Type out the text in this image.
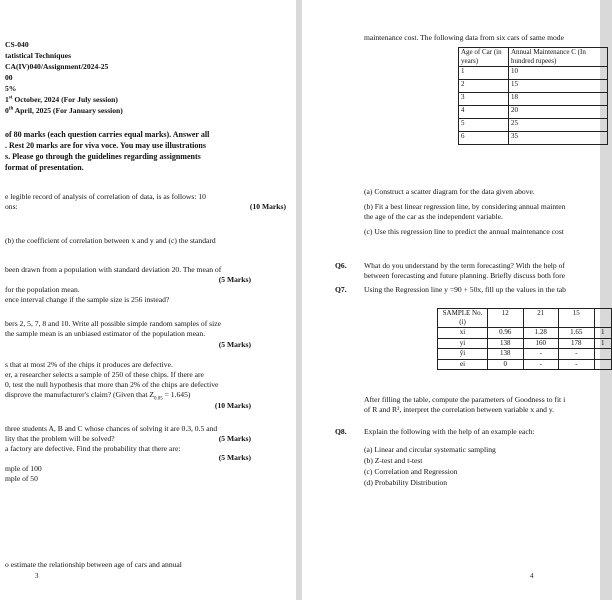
CS-040
tatistical Techniques
CA(IV)040/Assignment/2024-25
00
5%
1st October, 2024 (For July session)
0th April, 2025 (For January session)
of 80 marks (each question carries equal marks). Answer all
. Rest 20 marks are for viva voce. You may use illustrations
s. Please go through the guidelines regarding assignments
format of presentation.
e legible record of analysis of correlation of data, is as follows: 10
ons:	(10 Marks)
(b) the coefficient of correlation between x and y and (c) the standard
been drawn from a population with standard deviation 20. The mean of
(5 Marks)
for the population mean.
ence interval change if the sample size is 256 instead?
bers 2, 5, 7, 8 and 10. Write all possible simple random samples of size
the sample mean is an unbiased estimator of the population mean.
(5 Marks)
s that at most 2% of the chips it produces are defective.
er, a researcher selects a sample of 250 of these chips. If there are
0, test the null hypothesis that more than 2% of the chips are defective
disprove the manufacturer's claim? (Given that $Z_{0.05} = 1.645$)
(10 Marks)
three students A, B and C whose chances of solving it are 0.3, 0.5 and
lity that the problem will be solved?	(5 Marks)
a factory are defective. Find the probability that there are:
(5 Marks)
mple of 100
mple of 50
o estimate the relationship between age of cars and annual
3
maintenance cost. The following data from six cars of same mode
Age of Car (in years)	Annual Maintenance C (In hundred rupees)
1	10
2	15
3	18
4	20
5	25
6	35
(a) Construct a scatter diagram for the data given above.
(b) Fit a best linear regression line, by considering annual mainten
the age of the car as the independent variable.
(c) Use this regression line to predict the annual maintenance cost
Q6. What do you understand by the term forecasting? With the help of
between forecasting and future planning. Briefly discuss both fore
Q7. Using the Regression line y =90 + 50x, fill up the values in the tab
SAMPLE No. (i)	12	21	15	
xi	0.96	1.28	1.65	1
yi	138	160	178	1
ŷi	138	-	-	
ei	0	-	-	
After filling the table, compute the parameters of Goodness to fit i
of R and R², interpret the correlation between variable x and y.
Q8. Explain the following with the help of an example each:
(a) Linear and circular systematic sampling
(b) Z-test and t-test
(c) Correlation and Regression
(d) Probability Distribution
4
